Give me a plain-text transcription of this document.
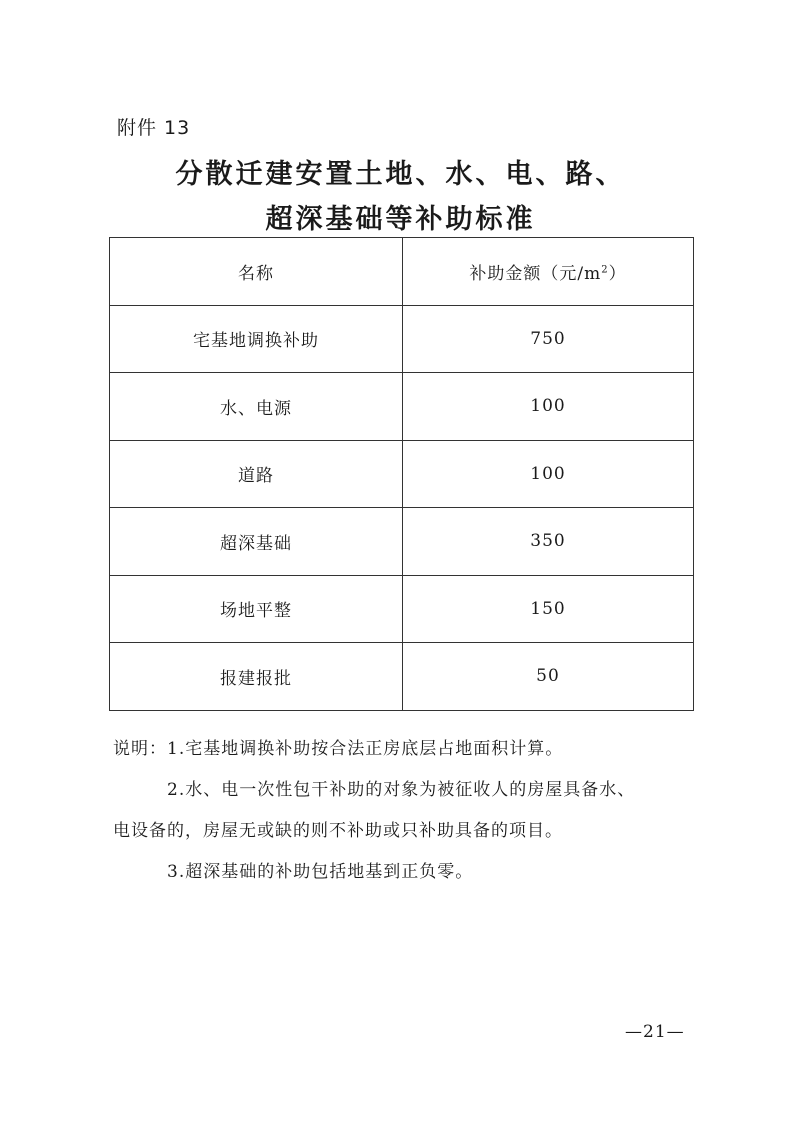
附件 13
分散迁建安置土地、水、电、路、
超深基础等补助标准
名称	补助金额（元$/m^2$）
宅基地调换补助	750
水、电源	100
道路	100
超深基础	350
场地平整	150
报建报批	50

说明：1.宅基地调换补助按合法正房底层占地面积计算。

2.水、电一次性包干补助的对象为被征收人的房屋具备水、

电设备的，房屋无或缺的则不补助或只补助具备的项目。

3.超深基础的补助包括地基到正负零。

—21—
